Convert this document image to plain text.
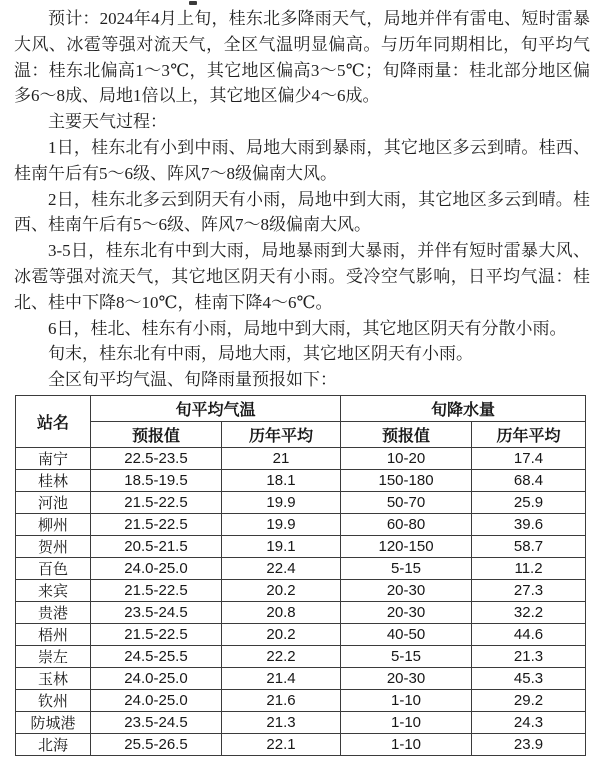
预计：2024年4月上旬，桂东北多降雨天气，局地并伴有雷电、短时雷暴大风、冰雹等强对流天气，全区气温明显偏高。与历年同期相比，旬平均气温：桂东北偏高1～3℃，其它地区偏高3～5℃；旬降雨量：桂北部分地区偏多6～8成、局地1倍以上，其它地区偏少4～6成。

主要天气过程：

1日，桂东北有小到中雨、局地大雨到暴雨，其它地区多云到晴。桂西、桂南午后有5～6级、阵风7～8级偏南大风。

2日，桂东北多云到阴天有小雨，局地中到大雨，其它地区多云到晴。桂西、桂南午后有5～6级、阵风7～8级偏南大风。

3-5日，桂东北有中到大雨，局地暴雨到大暴雨，并伴有短时雷暴大风、冰雹等强对流天气，其它地区阴天有小雨。受冷空气影响，日平均气温：桂北、桂中下降8～10℃，桂南下降4～6℃。

6日，桂北、桂东有小雨，局地中到大雨，其它地区阴天有分散小雨。

旬末，桂东北有中雨，局地大雨，其它地区阴天有小雨。

全区旬平均气温、旬降雨量预报如下：

站名	旬平均气温		旬降水量	
	预报值	历年平均	预报值	历年平均
南宁	22.5-23.5	21	10-20	17.4
桂林	18.5-19.5	18.1	150-180	68.4
河池	21.5-22.5	19.9	50-70	25.9
柳州	21.5-22.5	19.9	60-80	39.6
贺州	20.5-21.5	19.1	120-150	58.7
百色	24.0-25.0	22.4	5-15	11.2
来宾	21.5-22.5	20.2	20-30	27.3
贵港	23.5-24.5	20.8	20-30	32.2
梧州	21.5-22.5	20.2	40-50	44.6
崇左	24.5-25.5	22.2	5-15	21.3
玉林	24.0-25.0	21.4	20-30	45.3
钦州	24.0-25.0	21.6	1-10	29.2
防城港	23.5-24.5	21.3	1-10	24.3
北海	25.5-26.5	22.1	1-10	23.9
